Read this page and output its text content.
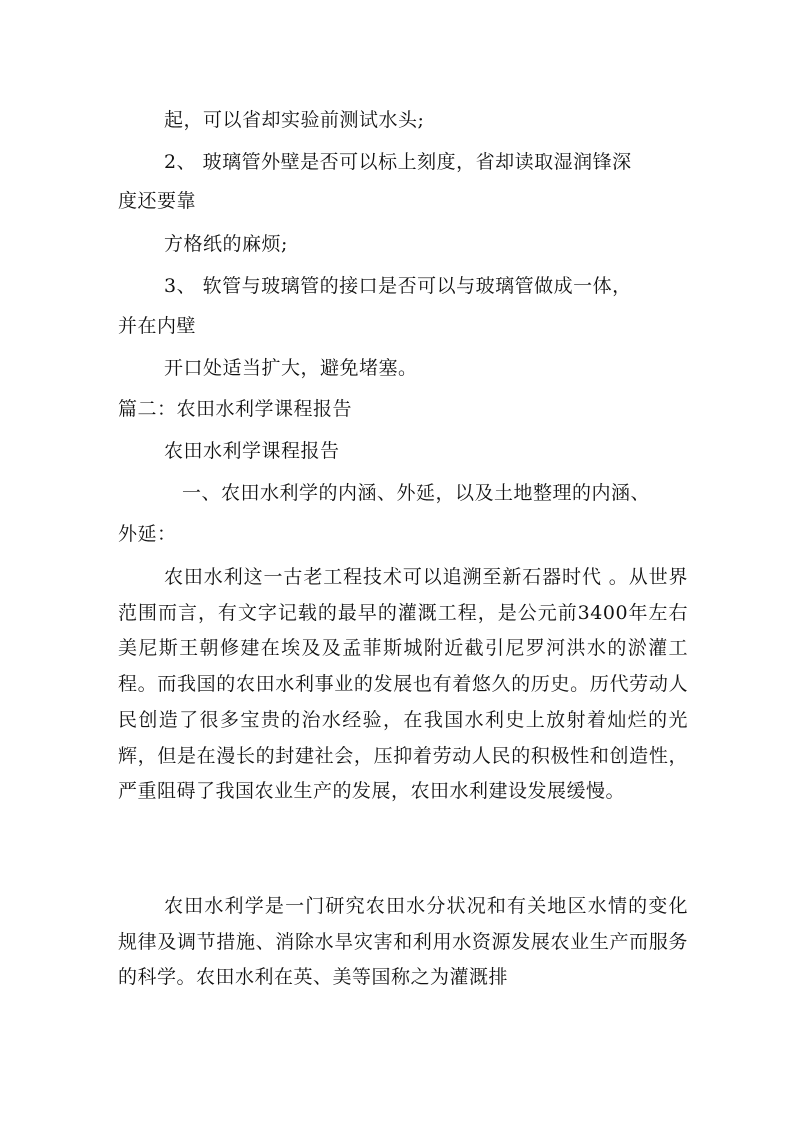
起，可以省却实验前测试水头;
2、 玻璃管外壁是否可以标上刻度，省却读取湿润锋深
度还要靠
方格纸的麻烦;
3、 软管与玻璃管的接口是否可以与玻璃管做成一体，
并在内壁
开口处适当扩大，避免堵塞。
篇二：农田水利学课程报告
农田水利学课程报告
一、农田水利学的内涵、外延，以及土地整理的内涵、
外延：
农田水利这一古老工程技术可以追溯至新石器时代 。从世界范围而言，有文字记载的最早的灌溉工程，是公元前3400年左右美尼斯王朝修建在埃及及孟菲斯城附近截引尼罗河洪水的淤灌工程。而我国的农田水利事业的发展也有着悠久的历史。历代劳动人民创造了很多宝贵的治水经验，在我国水利史上放射着灿烂的光辉，但是在漫长的封建社会，压抑着劳动人民的积极性和创造性，严重阻碍了我国农业生产的发展，农田水利建设发展缓慢。
农田水利学是一门研究农田水分状况和有关地区水情的变化规律及调节措施、消除水旱灾害和利用水资源发展农业生产而服务的科学。农田水利在英、美等国称之为灌溉排
